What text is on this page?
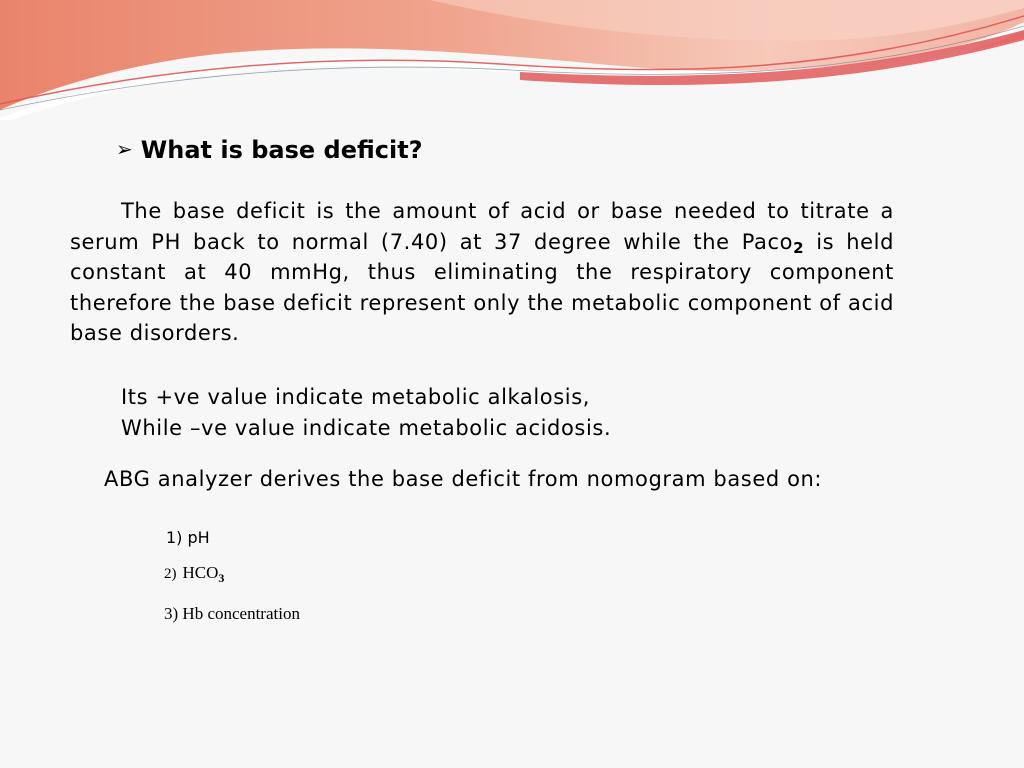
➢ What is base deficit?
The base deficit is the amount of acid or base needed to titrate a serum PH back to normal (7.40) at 37 degree while the Paco$_2$ is held constant at 40 mmHg, thus eliminating the respiratory component therefore the base deficit represent only the metabolic component of acid base disorders.
Its +ve value indicate metabolic alkalosis,
While –ve value indicate metabolic acidosis.
ABG analyzer derives the base deficit from nomogram based on:
1) pH
2) $HCO_3$
3) Hb concentration
